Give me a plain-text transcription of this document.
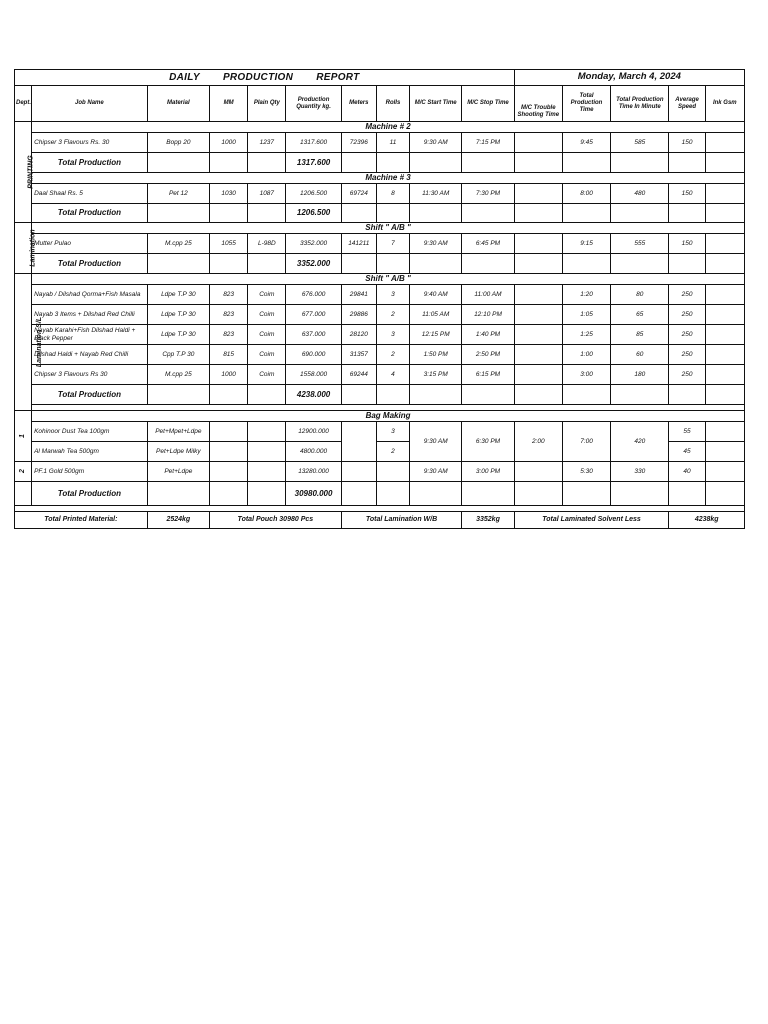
DAILY PRODUCTION REPORT										Monday, March 4, 2024				
Dept.	Job Name	Material	MM	Plain Qty	Production Quantity kg.	Meters	Rolls	M/C Start Time	M/C Stop Time	M/C Trouble Shooting Time	Total Production Time	Total Production Time In Minute	Average Speed	Ink Gsm
PRINTING	Machine # 2													
	Chipser 3 Flavours Rs. 30	Bopp 20	1000	1237	1317.600	72396	11	9:30 AM	7:15 PM		9:45	585	150	
	Total Production				1317.600									
	Machine # 3													
	Daal Shaal Rs. 5	Pet 12	1030	1087	1206.500	69724	8	11:30 AM	7:30 PM		8:00	480	150	
	Total Production				1206.500									
Lamination	Shift " A/B "													
	Mutter Pulao	M.cpp 25	1055	L-98D	3352.000	141211	7	9:30 AM	6:45 PM		9:15	555	150	
	Total Production				3352.000									
Lamination S/L	Shift " A/B "													
	Nayab / Dilshad Qorma+Fish Masala	Ldpe T.P 30	823	Coim	676.000	29841	3	9:40 AM	11:00 AM		1:20	80	250	
	Nayab 3 Items + Dilshad Red Chilli	Ldpe T.P 30	823	Coim	677.000	29886	2	11:05 AM	12:10 PM		1:05	65	250	
	Nayab Karahi+Fish Dilshad Haldi + Black Pepper	Ldpe T.P 30	823	Coim	637.000	28120	3	12:15 PM	1:40 PM		1:25	85	250	
	Dilshad Haldi + Nayab Red Chilli	Cpp T.P 30	815	Coim	690.000	31357	2	1:50 PM	2:50 PM		1:00	60	250	
	Chipser 3 Flavours Rs 30	M.cpp 25	1000	Coim	1558.000	69244	4	3:15 PM	6:15 PM		3:00	180	250	
	Total Production				4238.000									

1	Bag Making													
	Kohinoor Dust Tea 100gm	Pet+Mpet+Ldpe			12900.000		3	9:30 AM	6:30 PM	2:00	7:00	420	55	
	Al Marwah Tea 500gm	Pet+Ldpe Milky			4800.000		2						45	
2	PF.1 Gold 500gm	Pet+Ldpe			13280.000			9:30 AM	3:00 PM		5:30	330	40	
	Total Production				30980.000									

Total Printed Material:		2524kg	Total Pouch 30980 Pcs			Total Lamination W/B			3352kg	Total Laminated Solvent Less			4238kg	
